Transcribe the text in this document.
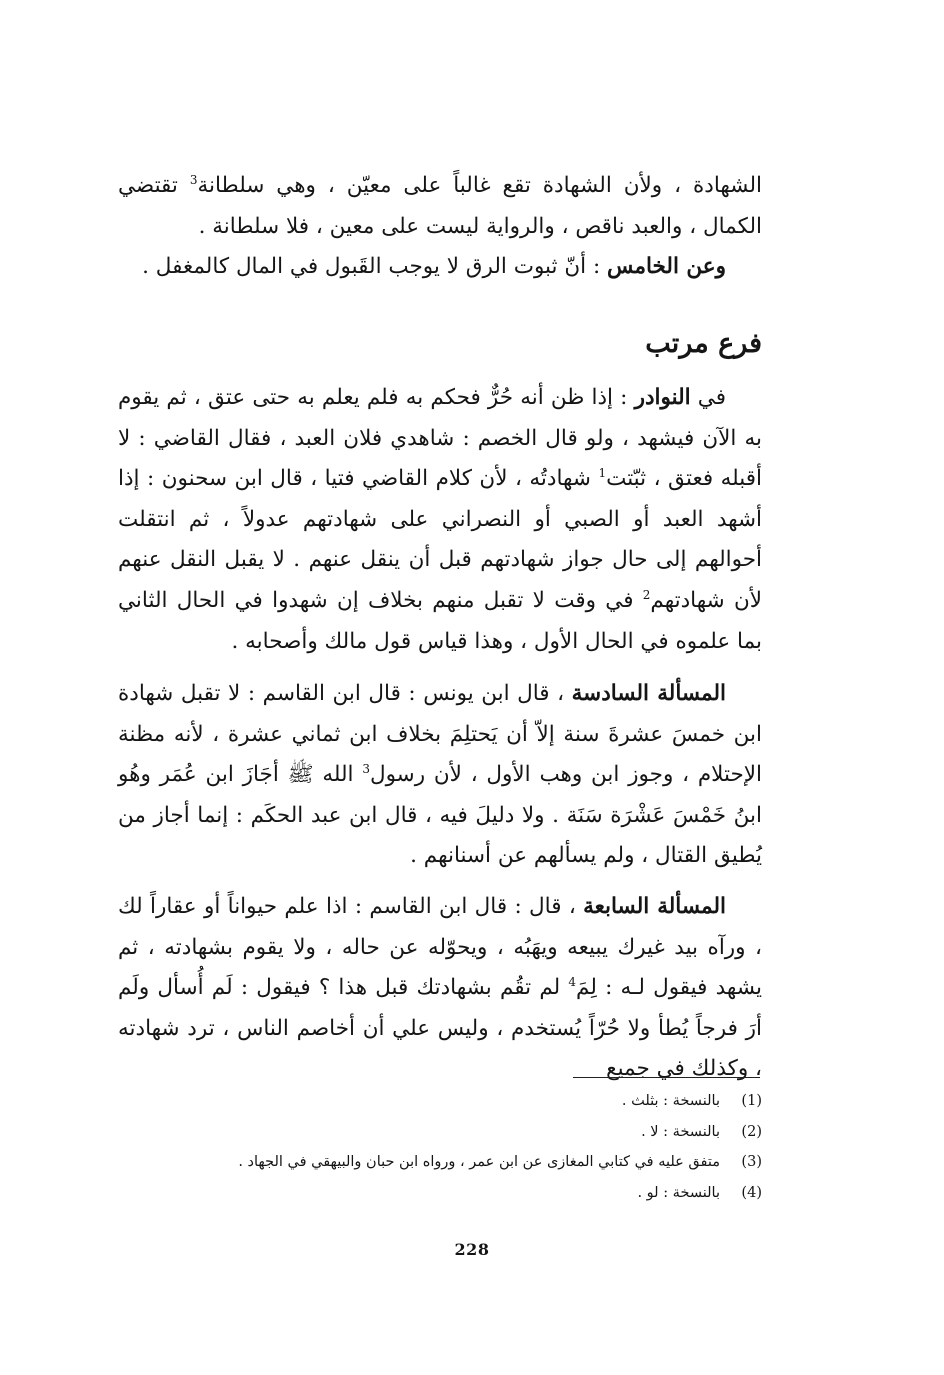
الشهادة ، ولأن الشهادة تقع غالباً على معيّن ، وهي سلطانة$^3$ تقتضي الكمال ، والعبد ناقص ، والرواية ليست على معين ، فلا سلطانة .

وعن الخامس : أنّ ثبوت الرق لا يوجب القَبول في المال كالمغفل .

فرع مرتب

في النوادر : إذا ظن أنه حُرٌّ فحكم به فلم يعلم به حتى عتق ، ثم يقوم به الآن فيشهد ، ولو قال الخصم : شاهدي فلان العبد ، فقال القاضي : لا أقبله فعتق ، ثبّتت$^1$ شهادتُه ، لأن كلام القاضي فتيا ، قال ابن سحنون : إذا أشهد العبد أو الصبي أو النصراني على شهادتهم عدولاً ، ثم انتقلت أحوالهم إلى حال جواز شهادتهم قبل أن ينقل عنهم . لا يقبل النقل عنهم لأن شهادتهم$^2$ في وقت لا تقبل منهم بخلاف إن شهدوا في الحال الثاني بما علموه في الحال الأول ، وهذا قياس قول مالك وأصحابه .

المسألة السادسة ، قال ابن يونس : قال ابن القاسم : لا تقبل شهادة ابن خمسَ عشرةَ سنة إلاّ أن يَحتلِمَ بخلاف ابن ثماني عشرة ، لأنه مظنة الإحتلام ، وجوز ابن وهب الأول ، لأن رسول$^3$ الله ﷺ أجَازَ ابن عُمَر وهُو ابنُ خَمْسَ عَشْرَة سَنَة . ولا دليلَ فيه ، قال ابن عبد الحكَم : إنما أجاز من يُطيق القتال ، ولم يسألهم عن أسنانهم .

المسألة السابعة ، قال : قال ابن القاسم : اذا علم حيواناً أو عقاراً لك ، ورآه بيد غيرك يبيعه ويهَبُه ، ويحوّله عن حاله ، ولا يقوم بشهادته ، ثم يشهد فيقول لـه : لِمَ$^4$ لم تقُم بشهادتك قبل هذا ؟ فيقول : لَم أُسأل ولَم أرَ فرجاً يُطأ ولا حُرّاً يُستخدم ، وليس علي أن أخاصم الناس ، ترد شهادته ، وكذلك في جميع

(1)بالنسخة : بثلث .
(2)بالنسخة : لا .
(3)متفق عليه في كتابي المغازى عن ابن عمر ، ورواه ابن حبان والبيهقي في الجهاد .
(4)بالنسخة : لو .
228
